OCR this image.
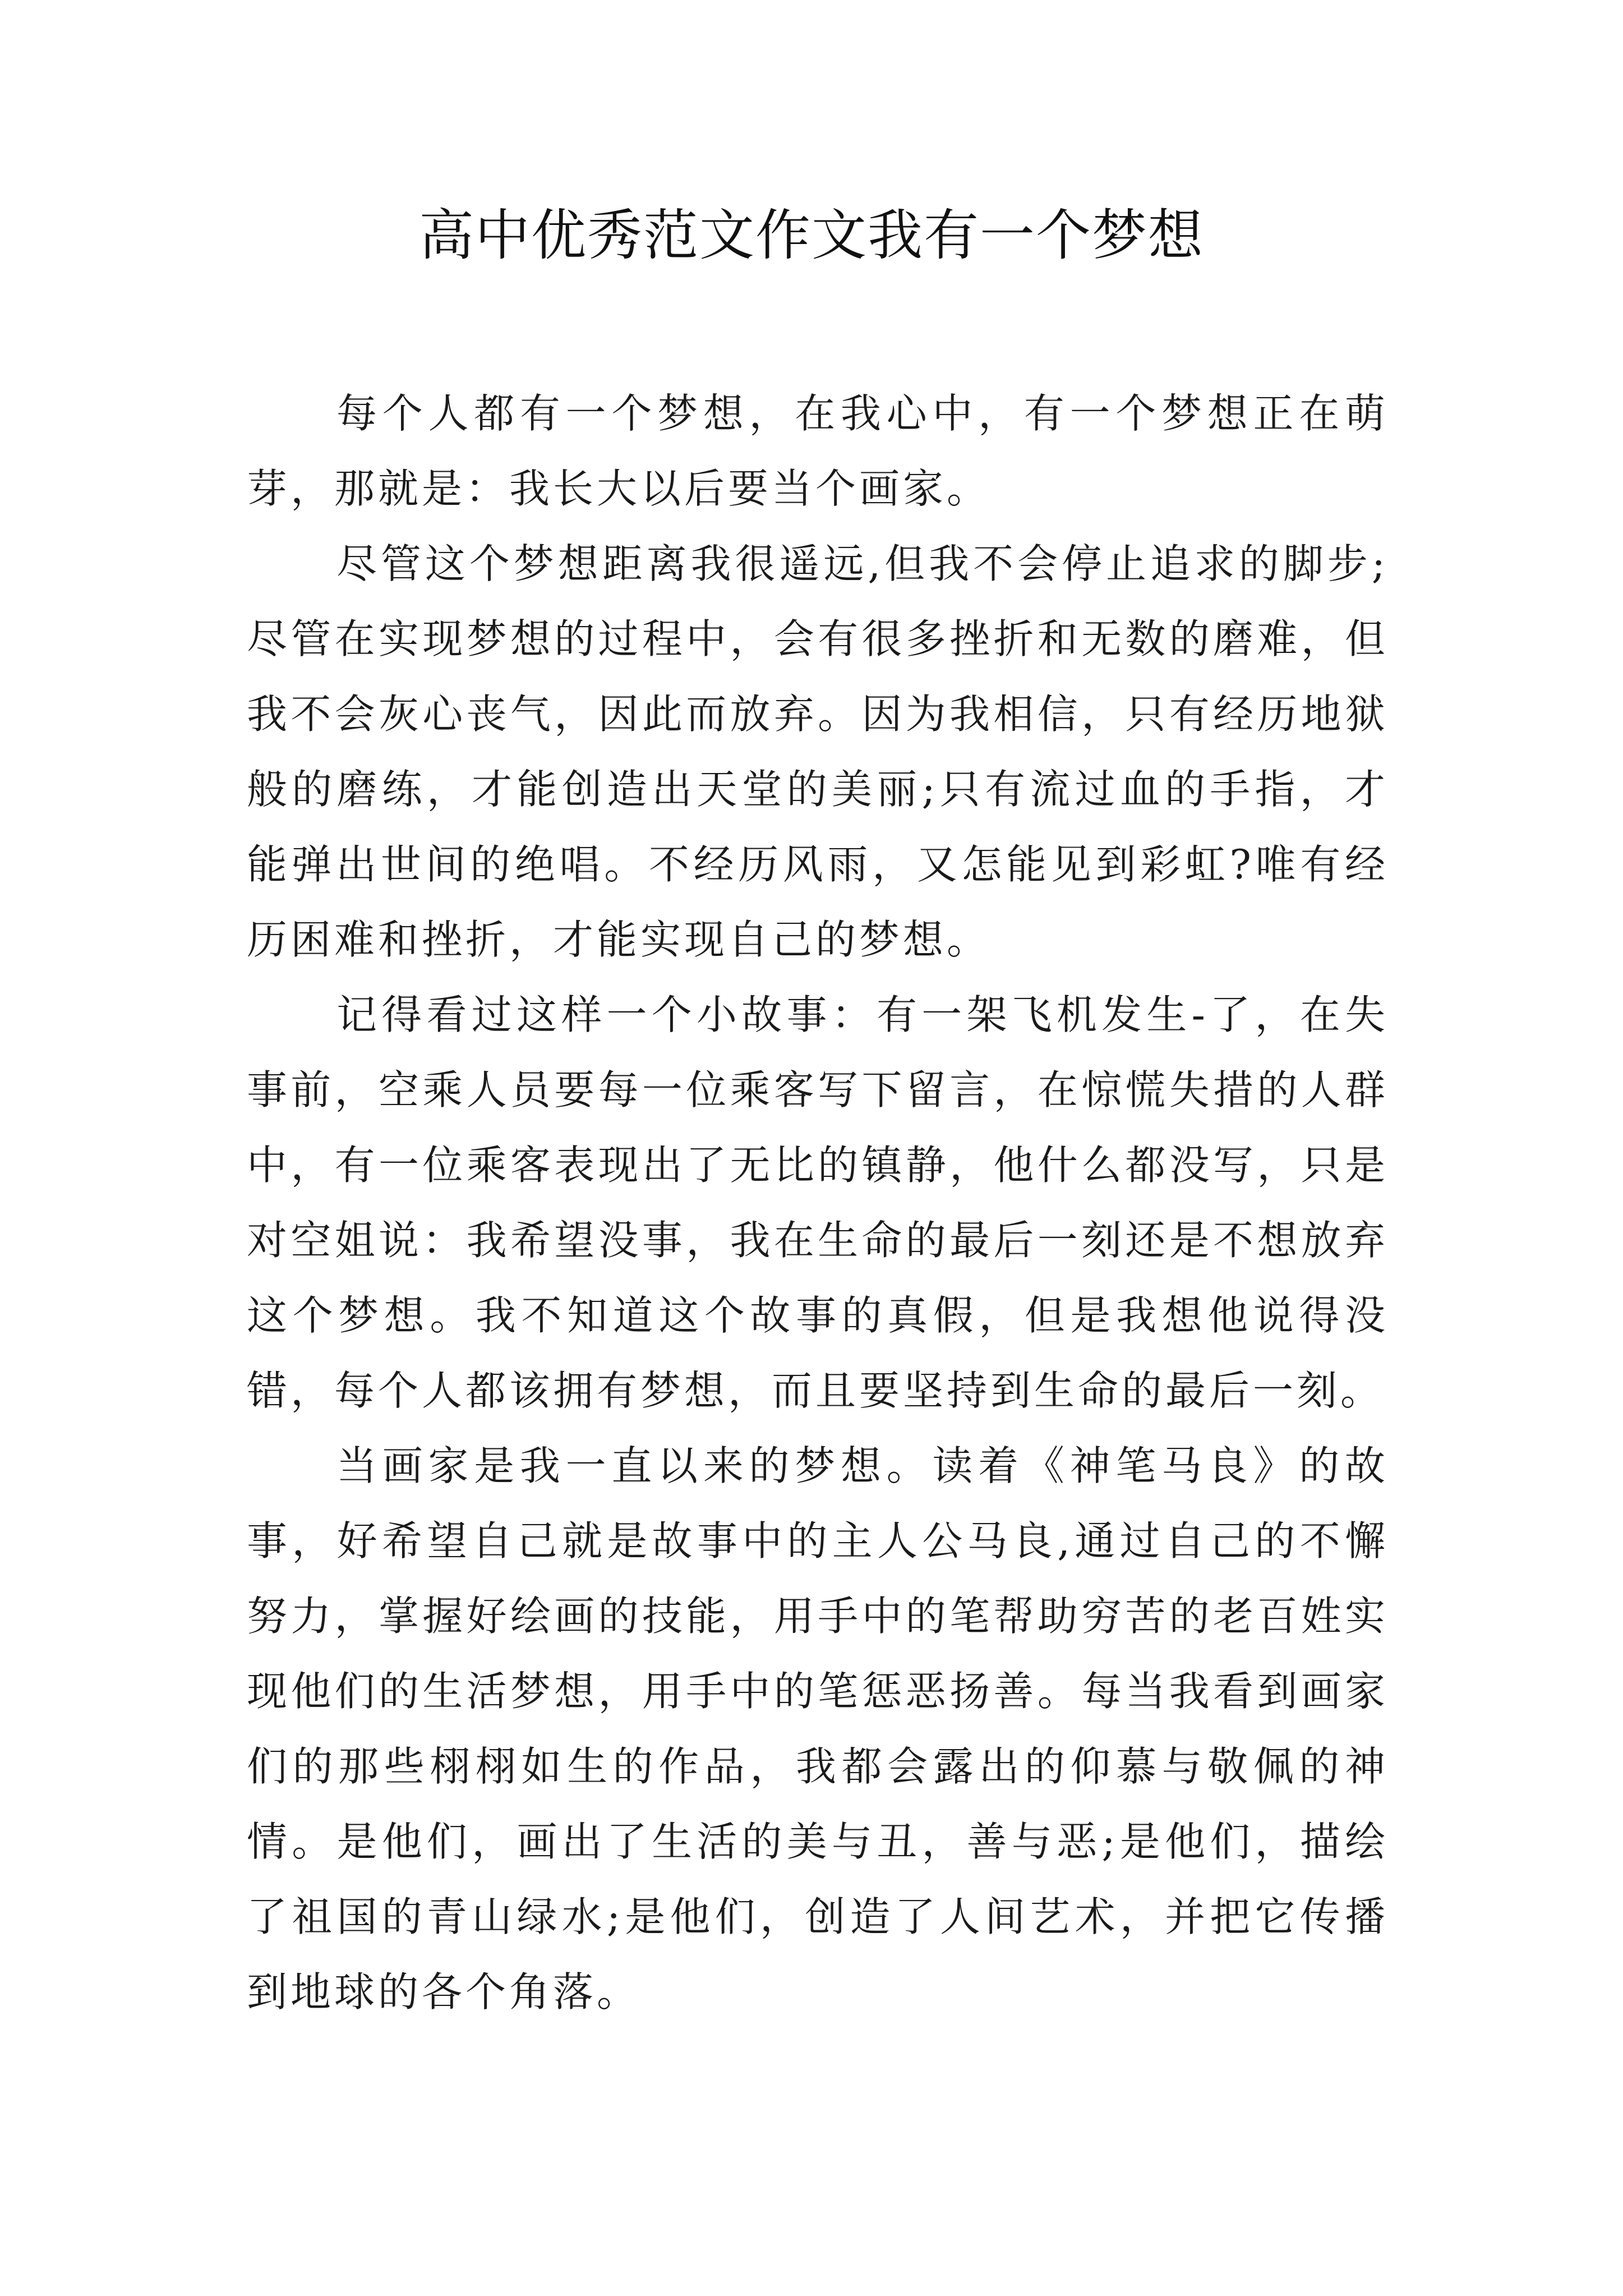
高中优秀范文作文我有一个梦想

每个人都有一个梦想，在我心中，有一个梦想正在萌芽，那就是：我长大以后要当个画家。

尽管这个梦想距离我很遥远,但我不会停止追求的脚步;尽管在实现梦想的过程中，会有很多挫折和无数的磨难，但我不会灰心丧气，因此而放弃。因为我相信，只有经历地狱般的磨练，才能创造出天堂的美丽;只有流过血的手指，才能弹出世间的绝唱。不经历风雨，又怎能见到彩虹?唯有经历困难和挫折，才能实现自己的梦想。

记得看过这样一个小故事：有一架飞机发生-了，在失事前，空乘人员要每一位乘客写下留言，在惊慌失措的人群中，有一位乘客表现出了无比的镇静，他什么都没写，只是对空姐说：我希望没事，我在生命的最后一刻还是不想放弃这个梦想。我不知道这个故事的真假，但是我想他说得没错，每个人都该拥有梦想，而且要坚持到生命的最后一刻。

当画家是我一直以来的梦想。读着《神笔马良》的故事，好希望自己就是故事中的主人公马良,通过自己的不懈努力，掌握好绘画的技能，用手中的笔帮助穷苦的老百姓实现他们的生活梦想，用手中的笔惩恶扬善。每当我看到画家们的那些栩栩如生的作品，我都会露出的仰慕与敬佩的神情。是他们，画出了生活的美与丑，善与恶;是他们，描绘了祖国的青山绿水;是他们，创造了人间艺术，并把它传播到地球的各个角落。
